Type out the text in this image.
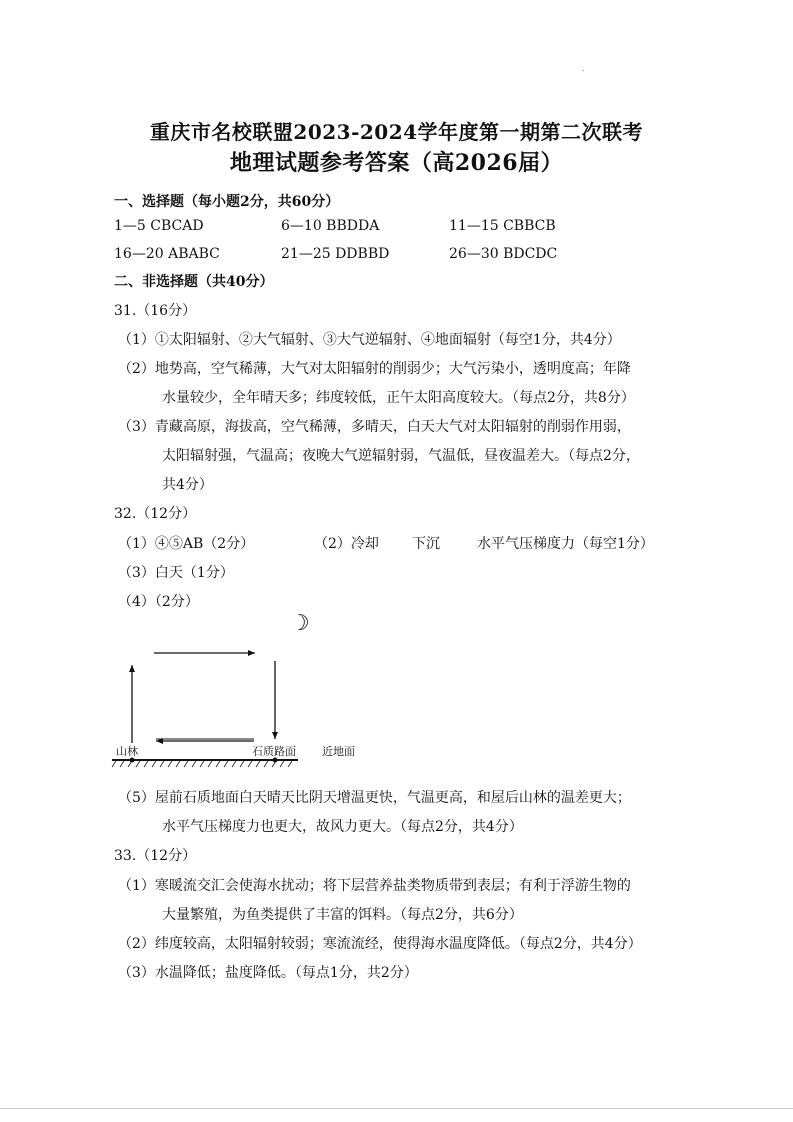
.
重庆市名校联盟2023-2024学年度第一期第二次联考
地理试题参考答案（高2026届）
一、选择题（每小题2分，共60分）
1—5 CBCAD	6—10 BBDDA	11—15 CBBCB
16—20 ABABC	21—25 DDBBD	26—30 BDCDC
二、非选择题（共40分）
31.（16分）
（1）①太阳辐射、②大气辐射、③大气逆辐射、④地面辐射（每空1分，共4分）
（2）地势高，空气稀薄，大气对太阳辐射的削弱少；大气污染小，透明度高；年降
水量较少，全年晴天多；纬度较低，正午太阳高度较大。（每点2分，共8分）
（3）青藏高原，海拔高，空气稀薄，多晴天，白天大气对太阳辐射的削弱作用弱，
太阳辐射强，气温高；夜晚大气逆辐射弱，气温低，昼夜温差大。（每点2分，
共4分）
32.（12分）
（1）④⑤AB（2分）	（2）冷却 下沉	水平气压梯度力（每空1分）
（3）白天（1分）
（4）（2分）
☽
山林	石质路面 近地面
（5）屋前石质地面白天晴天比阴天增温更快，气温更高，和屋后山林的温差更大；
水平气压梯度力也更大，故风力更大。（每点2分，共4分）
33.（12分）
（1）寒暖流交汇会使海水扰动；将下层营养盐类物质带到表层；有利于浮游生物的
大量繁殖，为鱼类提供了丰富的饵料。（每点2分，共6分）
（2）纬度较高，太阳辐射较弱；寒流流经，使得海水温度降低。（每点2分，共4分）
（3）水温降低；盐度降低。（每点1分，共2分）
